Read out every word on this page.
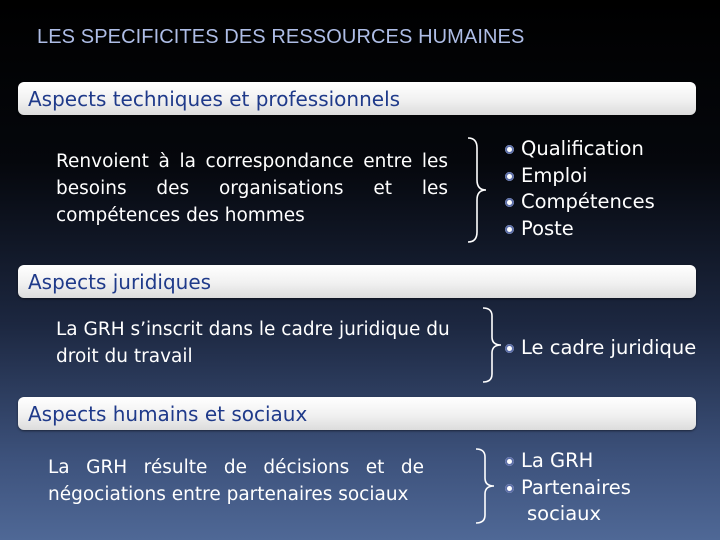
LES SPECIFICITES DES RESSOURCES HUMAINES
Aspects techniques et professionnels
Renvoient à la correspondance entre les besoins des organisations et les compétences des hommes
Qualification
Emploi
Compétences
Poste
Aspects juridiques
La GRH s’inscrit dans le cadre juridique du droit du travail	Le cadre juridique
Aspects humains et sociaux
La GRH résulte de décisions et de négociations entre partenaires sociaux
La GRH
Partenaires
sociaux
